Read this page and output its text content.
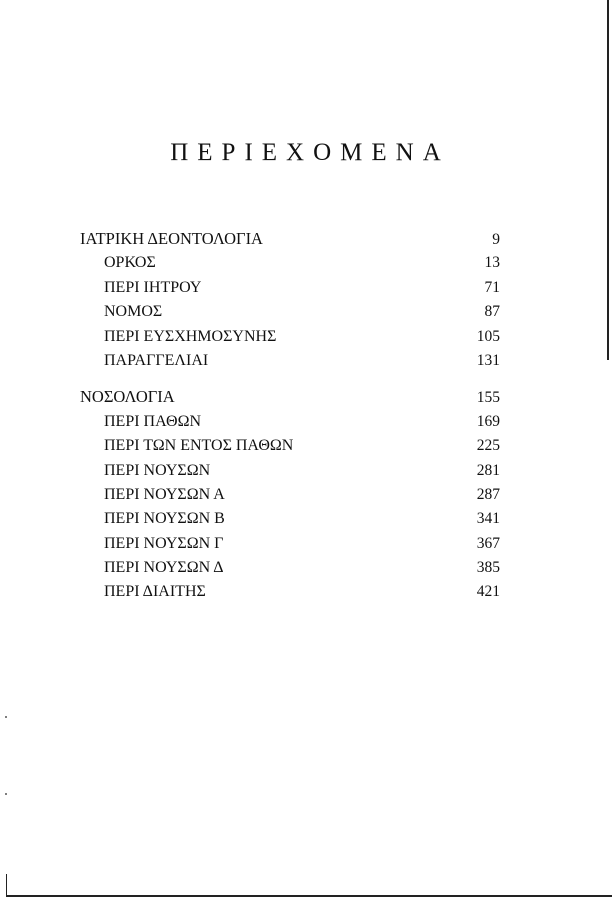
ΠΕΡΙΕΧΟΜΕΝΑ
ΙΑΤΡΙΚΗ ΔΕΟΝΤΟΛΟΓΙΑ	9
ΟΡΚΟΣ	13
ΠΕΡΙ ΙΗΤΡΟΥ	71
ΝΟΜΟΣ	87
ΠΕΡΙ ΕΥΣΧΗΜΟΣΥΝΗΣ	105
ΠΑΡΑΓΓΕΛΙΑΙ	131
ΝΟΣΟΛΟΓΙΑ	155
ΠΕΡΙ ΠΑΘΩΝ	169
ΠΕΡΙ ΤΩΝ ΕΝΤΟΣ ΠΑΘΩΝ	225
ΠΕΡΙ ΝΟΥΣΩΝ	281
ΠΕΡΙ ΝΟΥΣΩΝ Α	287
ΠΕΡΙ ΝΟΥΣΩΝ Β	341
ΠΕΡΙ ΝΟΥΣΩΝ Γ	367
ΠΕΡΙ ΝΟΥΣΩΝ Δ	385
ΠΕΡΙ ΔΙΑΙΤΗΣ	421
